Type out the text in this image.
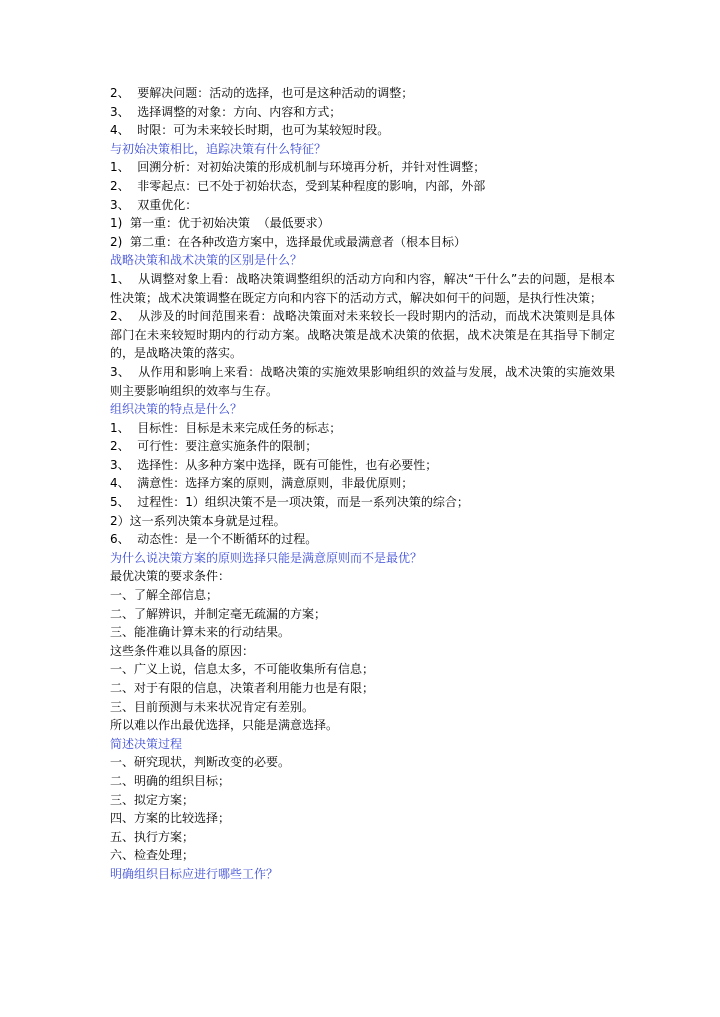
2、  要解决问题：活动的选择，也可是这种活动的调整；
3、  选择调整的对象：方向、内容和方式；
4、  时限：可为未来较长时期，也可为某较短时段。
与初始决策相比，追踪决策有什么特征？
1、  回溯分析：对初始决策的形成机制与环境再分析，并针对性调整；
2、  非零起点：已不处于初始状态，受到某种程度的影响，内部，外部
3、  双重优化：
1)  第一重：优于初始决策  （最低要求）
2)  第二重：在各种改造方案中，选择最优或最满意者（根本目标）
战略决策和战术决策的区别是什么？
1、  从调整对象上看：战略决策调整组织的活动方向和内容，解决“干什么”去的问题，是根本性决策；战术决策调整在既定方向和内容下的活动方式，解决如何干的问题，是执行性决策；
2、  从涉及的时间范围来看：战略决策面对未来较长一段时期内的活动，而战术决策则是具体部门在未来较短时期内的行动方案。战略决策是战术决策的依据，战术决策是在其指导下制定的，是战略决策的落实。
3、  从作用和影响上来看：战略决策的实施效果影响组织的效益与发展，战术决策的实施效果则主要影响组织的效率与生存。
组织决策的特点是什么？
1、  目标性：目标是未来完成任务的标志；
2、  可行性：要注意实施条件的限制；
3、  选择性：从多种方案中选择，既有可能性，也有必要性；
4、  满意性：选择方案的原则，满意原则，非最优原则；
5、  过程性：1）组织决策不是一项决策，而是一系列决策的综合；
2）这一系列决策本身就是过程。
6、  动态性：是一个不断循环的过程。
为什么说决策方案的原则选择只能是满意原则而不是最优？
最优决策的要求条件：
一、了解全部信息；
二、了解辨识，并制定毫无疏漏的方案；
三、能准确计算未来的行动结果。
这些条件难以具备的原因：
一、广义上说，信息太多，不可能收集所有信息；
二、对于有限的信息，决策者利用能力也是有限；
三、目前预测与未来状况肯定有差别。
所以难以作出最优选择，只能是满意选择。
简述决策过程
一、研究现状，判断改变的必要。
二、明确的组织目标；
三、拟定方案；
四、方案的比较选择；
五、执行方案；
六、检查处理；
明确组织目标应进行哪些工作？
